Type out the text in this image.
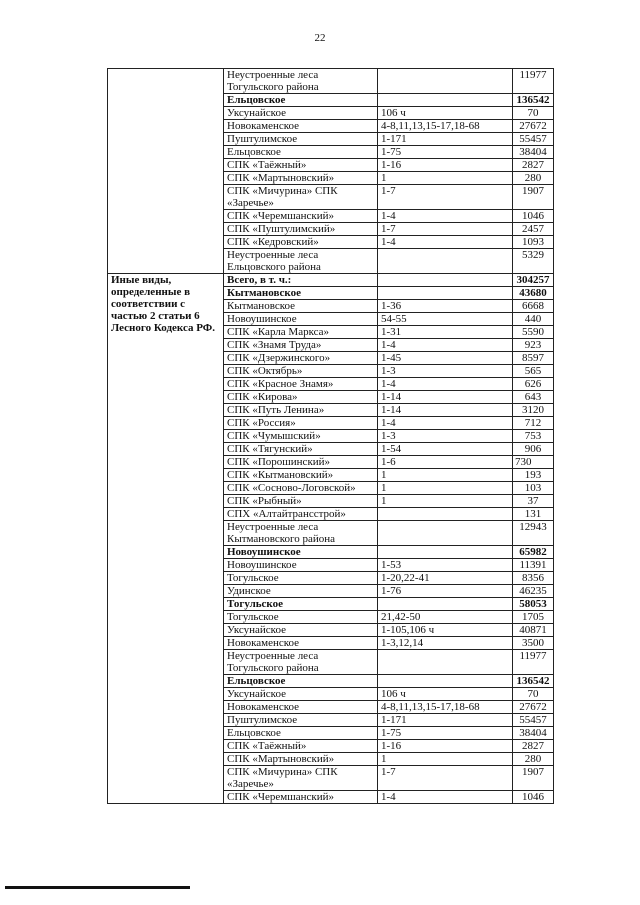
22
	Неустроенные леса Тогульского района		11977
	Ельцовское		136542
	Уксунайское	106 ч	70
	Новокаменское	4-8,11,13,15-17,18-68	27672
	Пуштулимское	1-171	55457
	Ельцовское	1-75	38404
	СПК «Таёжный»	1-16	2827
	СПК «Мартыновский»	1	280
	СПК «Мичурина» СПК «Заречье»	1-7	1907
	СПК «Черемшанский»	1-4	1046
	СПК «Пуштулимский»	1-7	2457
	СПК «Кедровский»	1-4	1093
	Неустроенные леса Ельцовского района		5329
Иные виды, определенные в соответствии с частью 2 статьи 6 Лесного Кодекса РФ.	Всего, в т. ч.:		304257
	Кытмановское		43680
	Кытмановское	1-36	6668
	Новоушинское	54-55	440
	СПК «Карла Маркса»	1-31	5590
	СПК «Знамя Труда»	1-4	923
	СПК «Дзержинского»	1-45	8597
	СПК «Октябрь»	1-3	565
	СПК «Красное Знамя»	1-4	626
	СПК «Кирова»	1-14	643
	СПК «Путь Ленина»	1-14	3120
	СПК «Россия»	1-4	712
	СПК «Чумышский»	1-3	753
	СПК «Тягунский»	1-54	906
	СПК «Порошинский»	1-6	730
	СПК «Кытмановский»	1	193
	СПК «Сосново-Логовской»	1	103
	СПК «Рыбный»	1	37
	СПХ «Алтайтрансстрой»		131
	Неустроенные леса Кытмановского района		12943
	Новоушинское		65982
	Новоушинское	1-53	11391
	Тогульское	1-20,22-41	8356
	Удинское	1-76	46235
	Тогульское		58053
	Тогульское	21,42-50	1705
	Уксунайское	1-105,106 ч	40871
	Новокаменское	1-3,12,14	3500
	Неустроенные леса Тогульского района		11977
	Ельцовское		136542
	Уксунайское	106 ч	70
	Новокаменское	4-8,11,13,15-17,18-68	27672
	Пуштулимское	1-171	55457
	Ельцовское	1-75	38404
	СПК «Таёжный»	1-16	2827
	СПК «Мартыновский»	1	280
	СПК «Мичурина» СПК «Заречье»	1-7	1907
	СПК «Черемшанский»	1-4	1046
